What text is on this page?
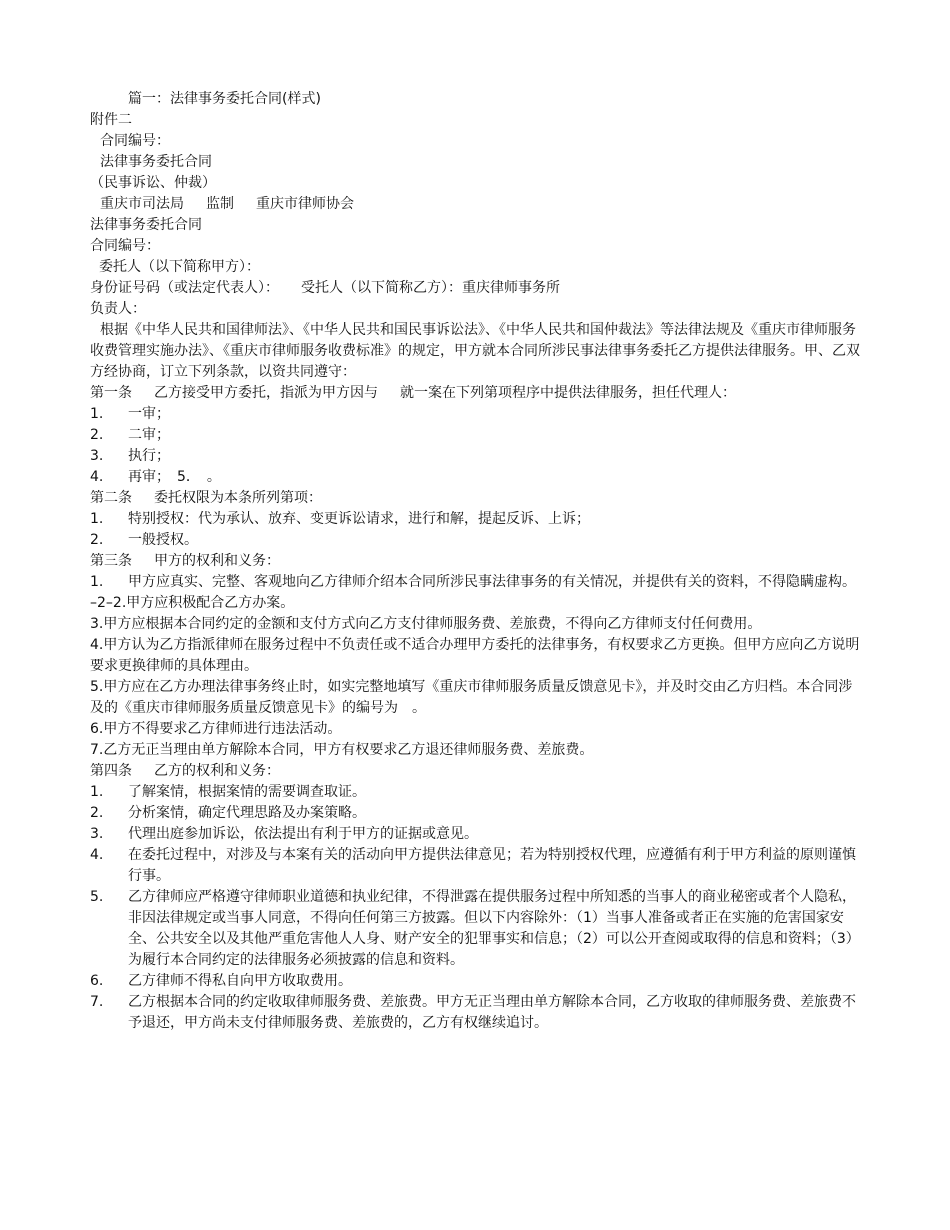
篇一：法律事务委托合同(样式)
附件二
合同编号：
法律事务委托合同
（民事诉讼、仲裁）
重庆市司法局 监制 重庆市律师协会
法律事务委托合同
合同编号：
委托人（以下简称甲方）：
身份证号码（或法定代表人）： 受托人（以下简称乙方）：重庆律师事务所
负责人：
根据《中华人民共和国律师法》、《中华人民共和国民事诉讼法》、《中华人民共和国仲裁法》等法律法规及《重庆市律师服务收费管理实施办法》、《重庆市律师服务收费标准》的规定，甲方就本合同所涉民事法律事务委托乙方提供法律服务。甲、乙双方经协商，订立下列条款，以资共同遵守：
第一条 乙方接受甲方委托，指派为甲方因与 就一案在下列第项程序中提供法律服务，担任代理人：
1.	一审；
2.	二审；
3.	执行；
4.	再审；　5．　。
第二条 委托权限为本条所列第项：
1.	特别授权：代为承认、放弃、变更诉讼请求，进行和解，提起反诉、上诉；
2.	一般授权。
第三条 甲方的权利和义务：
1.	甲方应真实、完整、客观地向乙方律师介绍本合同所涉民事法律事务的有关情况，并提供有关的资料，不得隐瞒虚构。
–2–2.甲方应积极配合乙方办案。
3.甲方应根据本合同约定的金额和支付方式向乙方支付律师服务费、差旅费，不得向乙方律师支付任何费用。
4.甲方认为乙方指派律师在服务过程中不负责任或不适合办理甲方委托的法律事务，有权要求乙方更换。但甲方应向乙方说明要求更换律师的具体理由。
5.甲方应在乙方办理法律事务终止时，如实完整地填写《重庆市律师服务质量反馈意见卡》，并及时交由乙方归档。本合同涉及的《重庆市律师服务质量反馈意见卡》的编号为　。
6.甲方不得要求乙方律师进行违法活动。
7.乙方无正当理由单方解除本合同，甲方有权要求乙方退还律师服务费、差旅费。
第四条 乙方的权利和义务：
1.	了解案情，根据案情的需要调查取证。
2.	分析案情，确定代理思路及办案策略。
3.	代理出庭参加诉讼，依法提出有利于甲方的证据或意见。
4.	在委托过程中，对涉及与本案有关的活动向甲方提供法律意见；若为特别授权代理，应遵循有利于甲方利益的原则谨慎行事。
5.	乙方律师应严格遵守律师职业道德和执业纪律，不得泄露在提供服务过程中所知悉的当事人的商业秘密或者个人隐私，非因法律规定或当事人同意，不得向任何第三方披露。但以下内容除外：（1）当事人准备或者正在实施的危害国家安全、公共安全以及其他严重危害他人人身、财产安全的犯罪事实和信息；（2）可以公开查阅或取得的信息和资料；（3）为履行本合同约定的法律服务必须披露的信息和资料。
6.	乙方律师不得私自向甲方收取费用。
7.	乙方根据本合同的约定收取律师服务费、差旅费。甲方无正当理由单方解除本合同，乙方收取的律师服务费、差旅费不予退还，甲方尚未支付律师服务费、差旅费的，乙方有权继续追讨。
